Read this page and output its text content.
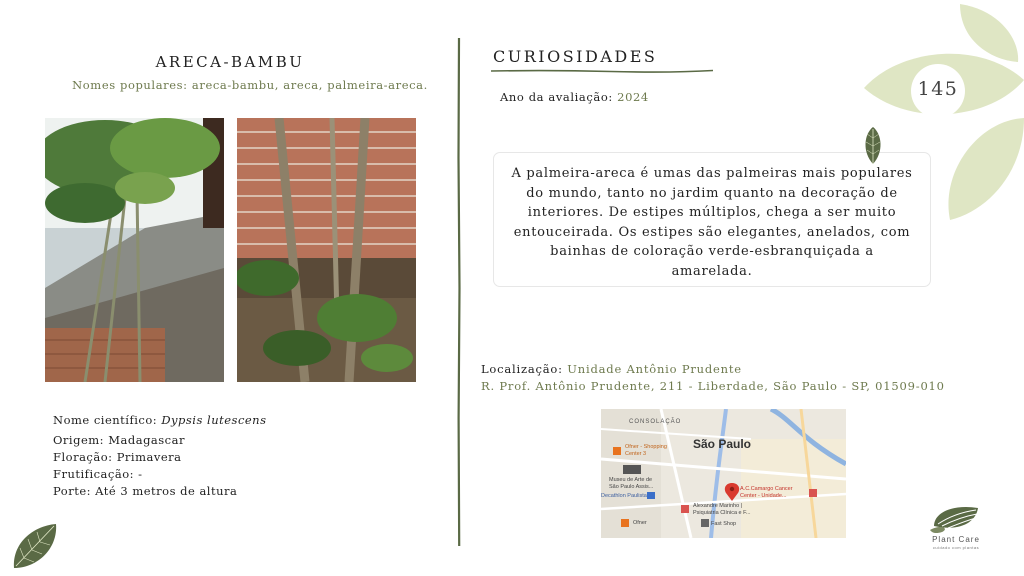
ARECA-BAMBU
Nomes populares: areca-bambu, areca, palmeira-areca.
Nome científico: Dypsis lutescens
Origem: Madagascar
Floração: Primavera
Frutificação: -
Porte: Até 3 metros de altura
CURIOSIDADES
Ano da avaliação: 2024
A palmeira-areca é umas das palmeiras mais populares do mundo, tanto no jardim quanto na decoração de interiores. De estipes múltiplos, chega a ser muito entouceirada. Os estipes são elegantes, anelados, com bainhas de coloração verde-esbranquiçada a amarelada.
Localização: Unidade Antônio Prudente
R. Prof. Antônio Prudente, 211 - Liberdade, São Paulo - SP, 01509-010
CONSOLAÇÃO
São Paulo
Ofner - Shopping
Center 3
Museu de Arte de
São Paulo Assis...
Decathlon Paulista
Alexandre Marinho |
Psiquiatria Clínica e F...
A.C.Camargo Cancer
Center - Unidade...
Ofner	Fast Shop
145
Plant Care
cuidado com plantas
